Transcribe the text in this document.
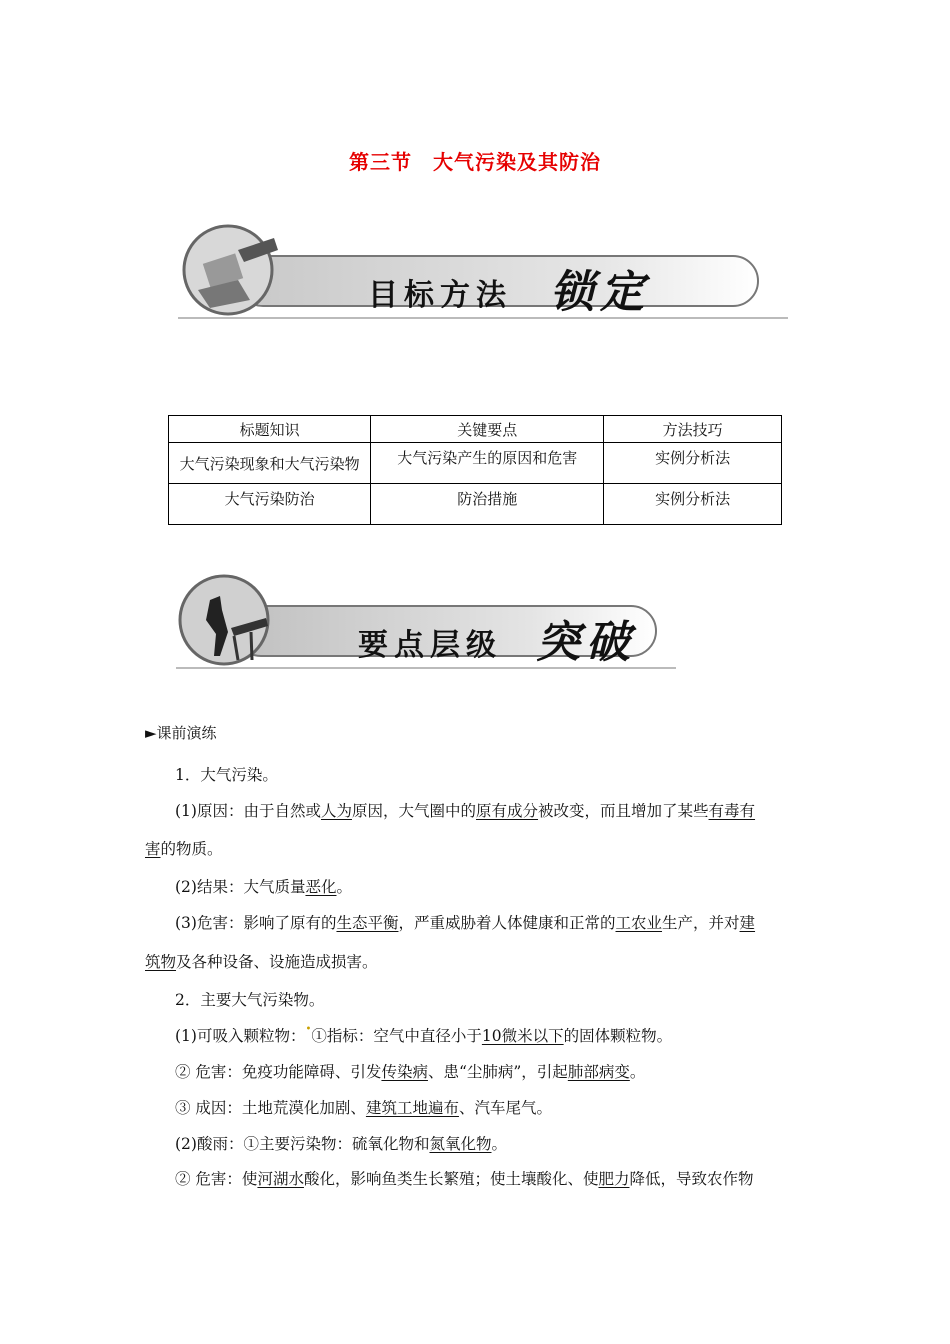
第三节　大气污染及其防治
目标方法 锁定
标题知识	关键要点	方法技巧
大气污染现象和大气污染物	大气污染产生的原因和危害	实例分析法
大气污染防治	防治措施	实例分析法
要点层级 突破
►课前演练
1．大气污染。
(1)原因：由于自然或人为原因，大气圈中的原有成分被改变，而且增加了某些有毒有
害的物质。
(2)结果：大气质量恶化。
(3)危害：影响了原有的生态平衡，严重威胁着人体健康和正常的工农业生产，并对建
筑物及各种设备、设施造成损害。
2．主要大气污染物。
(1)可吸入颗粒物：•①指标：空气中直径小于10微米以下的固体颗粒物。
② 危害：免疫功能障碍、引发传染病、患“尘肺病”，引起肺部病变。
③ 成因：土地荒漠化加剧、建筑工地遍布、汽车尾气。
(2)酸雨：①主要污染物：硫氧化物和氮氧化物。
② 危害：使河湖水酸化，影响鱼类生长繁殖；使土壤酸化、使肥力降低，导致农作物
